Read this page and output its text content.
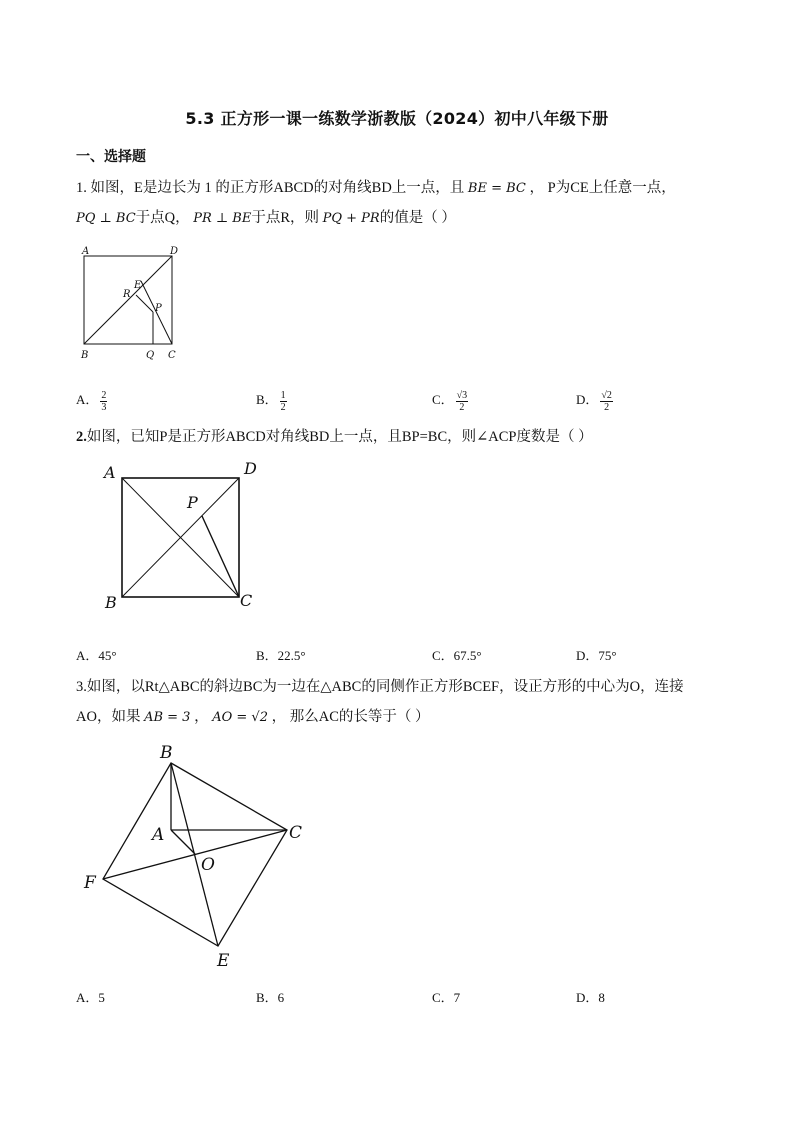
5.3 正方形一课一练数学浙教版（2024）初中八年级下册
一、选择题
1. 如图，E是边长为 1 的正方形ABCD的对角线BD上一点，且 BE = BC ， P为CE上任意一点，
PQ ⊥ BC于点Q， PR ⊥ BE于点R，则 PQ + PR的值是（ ）
A	D
B	C
E
R
P
Q
A． $\frac{2}{3}$	B． $\frac{1}{2}$	C． $\frac{√3}{2}$	D． $\frac{√2}{2}$
2.如图，已知P是正方形ABCD对角线BD上一点，且BP=BC，则∠ACP度数是（ ）
A	D
B	C
P
A．45°	B．22.5°	C．67.5°	D．75°
3.如图，以Rt△ABC的斜边BC为一边在△ABC的同侧作正方形BCEF，设正方形的中心为O，连接
AO，如果 AB = 3 ， AO = √2 ， 那么AC的长等于（ ）
B
A	C
O
F
E
A．5	B．6	C．7	D．8
